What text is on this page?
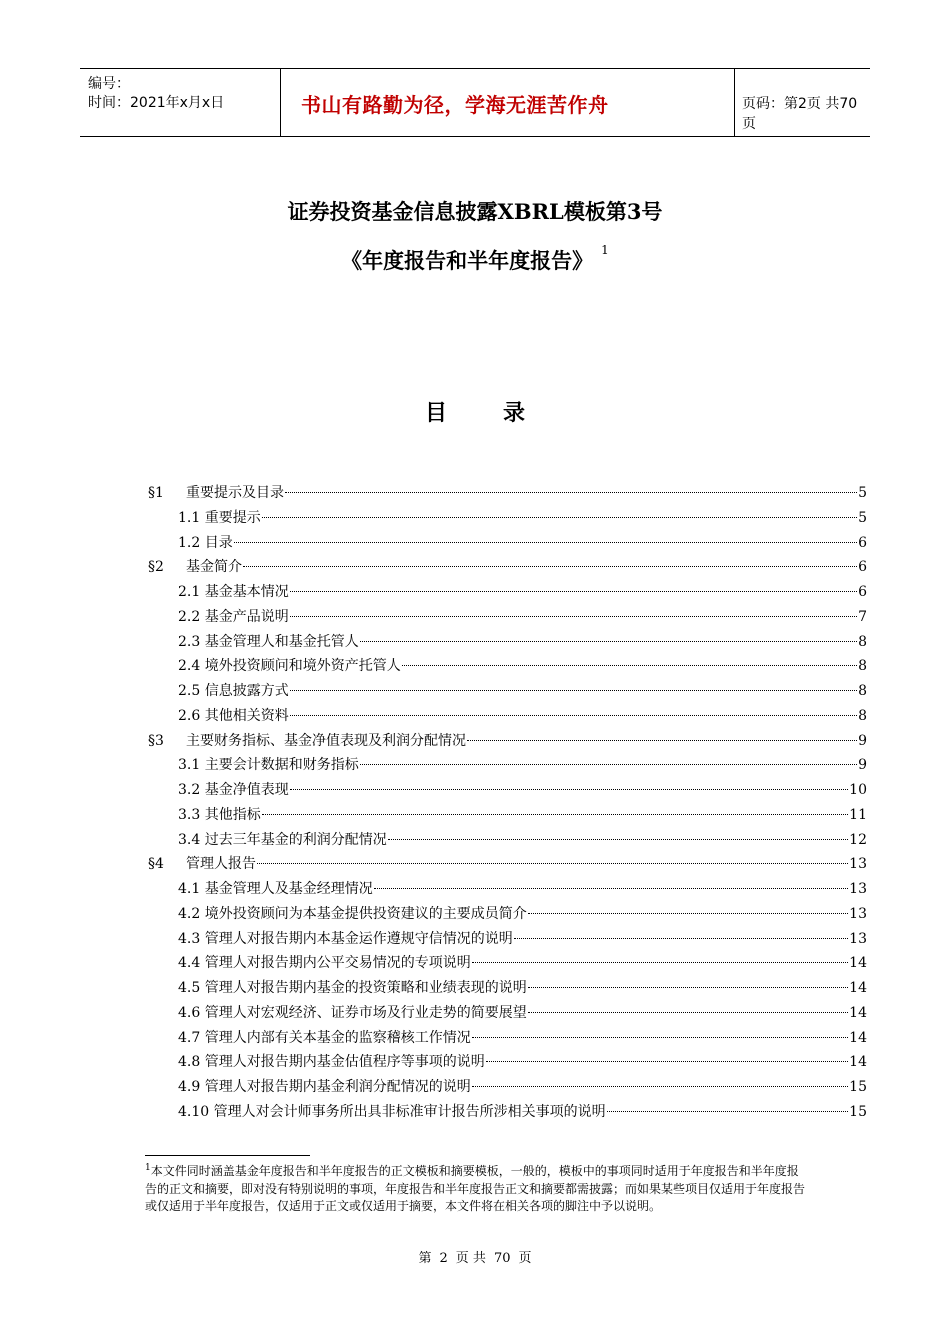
编号：
时间：2021年x月x日	书山有路勤为径，学海无涯苦作舟	页码：第2页 共70页
证券投资基金信息披露XBRL模板第3号
《年度报告和半年度报告》 $^1$
目	录
§1 重要提示及目录	5
1.1 重要提示	5
1.2 目录	6
§2 基金简介	6
2.1 基金基本情况	6
2.2 基金产品说明	7
2.3 基金管理人和基金托管人	8
2.4 境外投资顾问和境外资产托管人	8
2.5 信息披露方式	8
2.6 其他相关资料	8
§3 主要财务指标、基金净值表现及利润分配情况	9
3.1 主要会计数据和财务指标	9
3.2 基金净值表现	10
3.3 其他指标	11
3.4 过去三年基金的利润分配情况	12
§4 管理人报告	13
4.1 基金管理人及基金经理情况	13
4.2 境外投资顾问为本基金提供投资建议的主要成员简介	13
4.3 管理人对报告期内本基金运作遵规守信情况的说明	13
4.4 管理人对报告期内公平交易情况的专项说明	14
4.5 管理人对报告期内基金的投资策略和业绩表现的说明	14
4.6 管理人对宏观经济、证券市场及行业走势的简要展望	14
4.7 管理人内部有关本基金的监察稽核工作情况	14
4.8 管理人对报告期内基金估值程序等事项的说明	14
4.9 管理人对报告期内基金利润分配情况的说明	15
4.10 管理人对会计师事务所出具非标准审计报告所涉相关事项的说明	15
$^1$本文件同时涵盖基金年度报告和半年度报告的正文模板和摘要模板，一般的，模板中的事项同时适用于年度报告和半年度报告的正文和摘要，即对没有特别说明的事项，年度报告和半年度报告正文和摘要都需披露；而如果某些项目仅适用于年度报告或仅适用于半年度报告，仅适用于正文或仅适用于摘要，本文件将在相关各项的脚注中予以说明。
第 2 页 共 70 页
